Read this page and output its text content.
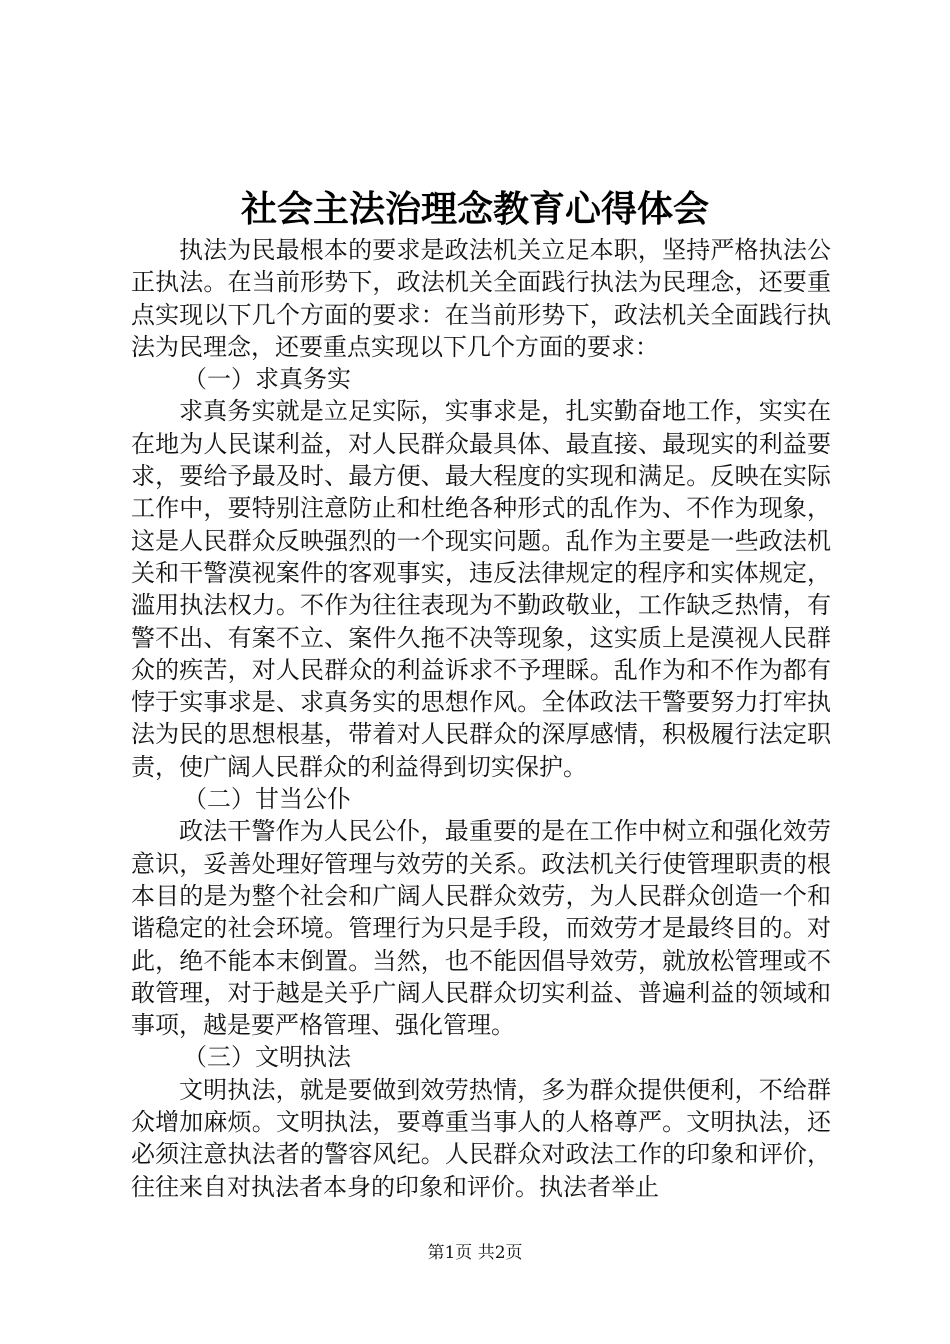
社会主法治理念教育心得体会

执法为民最根本的要求是政法机关立足本职，坚持严格执法公正执法。在当前形势下，政法机关全面践行执法为民理念，还要重点实现以下几个方面的要求：在当前形势下，政法机关全面践行执法为民理念，还要重点实现以下几个方面的要求：

（一）求真务实

求真务实就是立足实际，实事求是，扎实勤奋地工作，实实在在地为人民谋利益，对人民群众最具体、最直接、最现实的利益要求，要给予最及时、最方便、最大程度的实现和满足。反映在实际工作中，要特别注意防止和杜绝各种形式的乱作为、不作为现象，这是人民群众反映强烈的一个现实问题。乱作为主要是一些政法机关和干警漠视案件的客观事实，违反法律规定的程序和实体规定，滥用执法权力。不作为往往表现为不勤政敬业，工作缺乏热情，有警不出、有案不立、案件久拖不决等现象，这实质上是漠视人民群众的疾苦，对人民群众的利益诉求不予理睬。乱作为和不作为都有悖于实事求是、求真务实的思想作风。全体政法干警要努力打牢执法为民的思想根基，带着对人民群众的深厚感情，积极履行法定职责，使广阔人民群众的利益得到切实保护。

（二）甘当公仆

政法干警作为人民公仆，最重要的是在工作中树立和强化效劳意识，妥善处理好管理与效劳的关系。政法机关行使管理职责的根本目的是为整个社会和广阔人民群众效劳，为人民群众创造一个和谐稳定的社会环境。管理行为只是手段，而效劳才是最终目的。对此，绝不能本末倒置。当然，也不能因倡导效劳，就放松管理或不敢管理，对于越是关乎广阔人民群众切实利益、普遍利益的领域和事项，越是要严格管理、强化管理。

（三）文明执法

文明执法，就是要做到效劳热情，多为群众提供便利，不给群众增加麻烦。文明执法，要尊重当事人的人格尊严。文明执法，还必须注意执法者的警容风纪。人民群众对政法工作的印象和评价，往往来自对执法者本身的印象和评价。执法者举止

第1页 共2页
